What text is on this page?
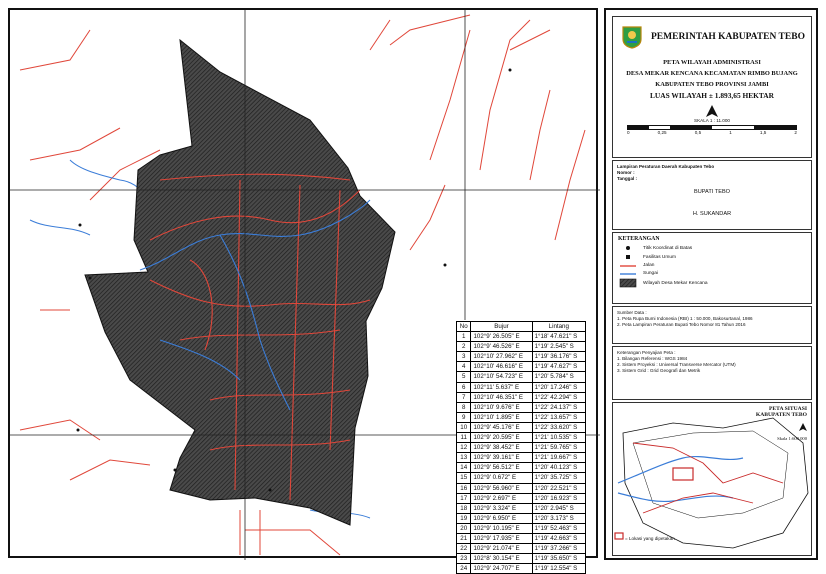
No	Bujur	Lintang
1	102°9' 26.505" E	1°18' 47.621" S
2	102°9' 46.526" E	1°19' 2.545" S
3	102°10' 27.962" E	1°19' 36.176" S
4	102°10' 46.616" E	1°19' 47.627" S
5	102°10' 54.723" E	1°20' 5.784" S
6	102°11' 5.637" E	1°20' 17.246" S
7	102°10' 46.351" E	1°22' 42.294" S
8	102°10' 9.676" E	1°22' 24.137" S
9	102°10' 1.895" E	1°22' 13.657" S
10	102°9' 45.176" E	1°22' 33.620" S
11	102°9' 20.595" E	1°21' 10.535" S
12	102°9' 38.452" E	1°21' 59.765" S
13	102°9' 39.161" E	1°21' 19.667" S
14	102°9' 56.512" E	1°20' 40.123" S
15	102°9' 0.672" E	1°20' 35.725" S
16	102°9' 56.960" E	1°20' 22.521" S
17	102°9' 2.697" E	1°20' 16.923" S
18	102°9' 3.324" E	1°20' 2.945" S
19	102°9' 6.950" E	1°20' 3.173" S
20	102°9' 10.195" E	1°19' 52.463" S
21	102°9' 17.935" E	1°19' 42.663" S
22	102°9' 21.074" E	1°19' 37.266" S
23	102°8' 30.154" E	1°19' 35.650" S
24	102°9' 24.707" E	1°19' 12.554" S
PEMERINTAH KABUPATEN TEBO
PETA WILAYAH ADMINISTRASI
DESA MEKAR KENCANA KECAMATAN RIMBO BUJANG
KABUPATEN TEBO PROVINSI JAMBI
LUAS WILAYAH ± 1.893,65 HEKTAR
SKALA 1 : 11.000
0	0,25	0,5	1	1,5	2
Lampiran Peraturan Daerah Kabupaten Tebo
Nomor :
Tanggal :
BUPATI TEBO
H. SUKANDAR
KETERANGAN
Titik Koordinat di Batas
Fasilitas Umum
Jalan
Sungai
Wilayah Desa Mekar Kencana
Sumber Data :
1. Peta Rupa Bumi Indonesia (RBI) 1 : 50.000, Bakosurtanal, 1986
2. Peta Lampiran Peraturan Bupati Tebo Nomor 81 Tahun 2016
Keterangan Penyajian Peta :
1. Bilangan Referensi : WGS 1984
2. Sistem Proyeksi : Universal Transverse Mercator (UTM)
3. Sistem Grid : Grid Geografi dan Metrik
PETA SITUASI
KABUPATEN TEBO
Skala 1:600.000
= Lokasi yang dipetakan
